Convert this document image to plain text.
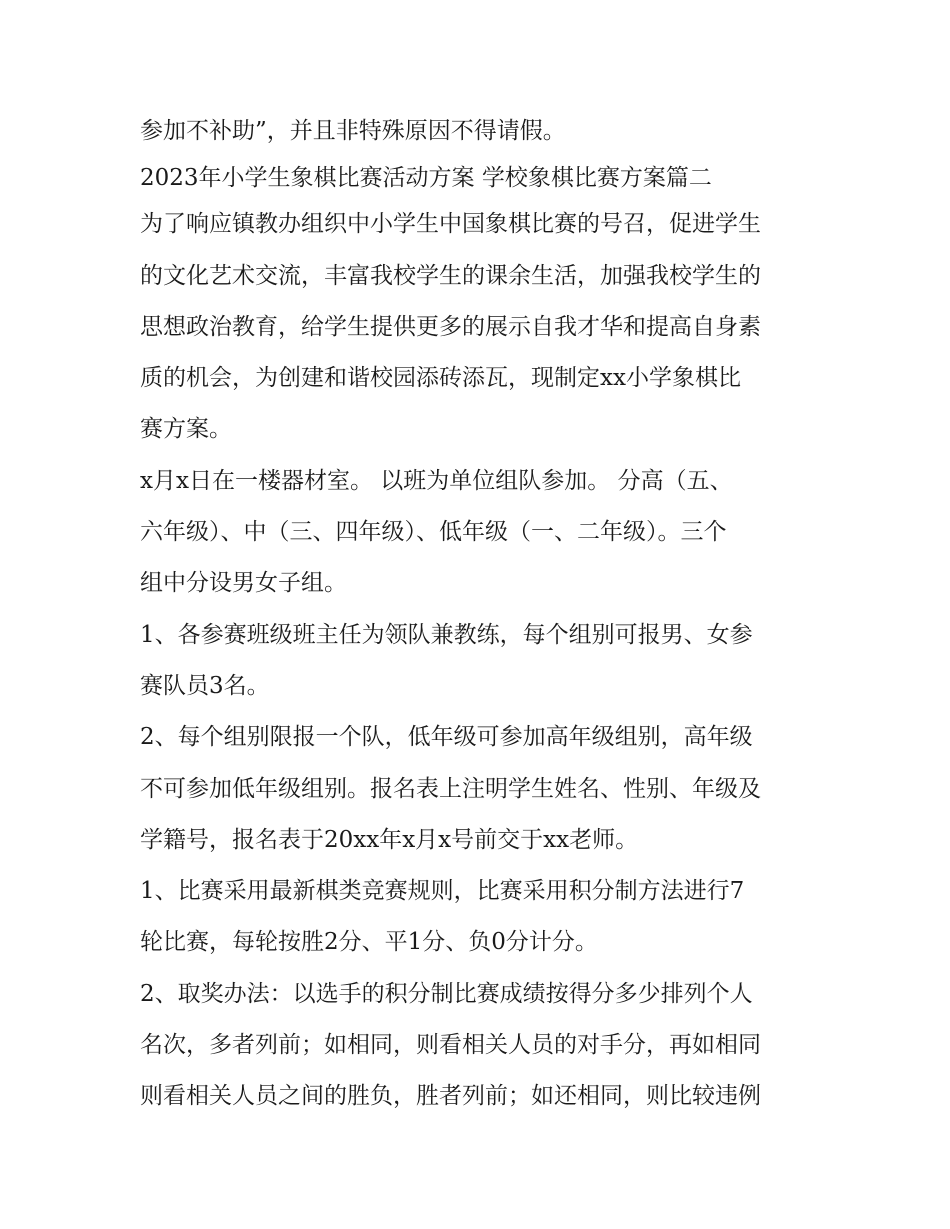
参加不补助”，并且非特殊原因不得请假。
2023年小学生象棋比赛活动方案 学校象棋比赛方案篇二
为了响应镇教办组织中小学生中国象棋比赛的号召，促进学生
的文化艺术交流，丰富我校学生的课余生活，加强我校学生的
思想政治教育，给学生提供更多的展示自我才华和提高自身素
质的机会，为创建和谐校园添砖添瓦，现制定xx小学象棋比
赛方案。
x月x日在一楼器材室。 以班为单位组队参加。 分高（五、
六年级）、中（三、四年级）、低年级（一、二年级）。三个
组中分设男女子组。
1、各参赛班级班主任为领队兼教练，每个组别可报男、女参
赛队员3名。
2、每个组别限报一个队，低年级可参加高年级组别，高年级
不可参加低年级组别。报名表上注明学生姓名、性别、年级及
学籍号，报名表于20xx年x月x号前交于xx老师。
1、比赛采用最新棋类竞赛规则，比赛采用积分制方法进行7
轮比赛，每轮按胜2分、平1分、负0分计分。
2、取奖办法：以选手的积分制比赛成绩按得分多少排列个人
名次，多者列前；如相同，则看相关人员的对手分，再如相同
则看相关人员之间的胜负，胜者列前；如还相同，则比较违例
